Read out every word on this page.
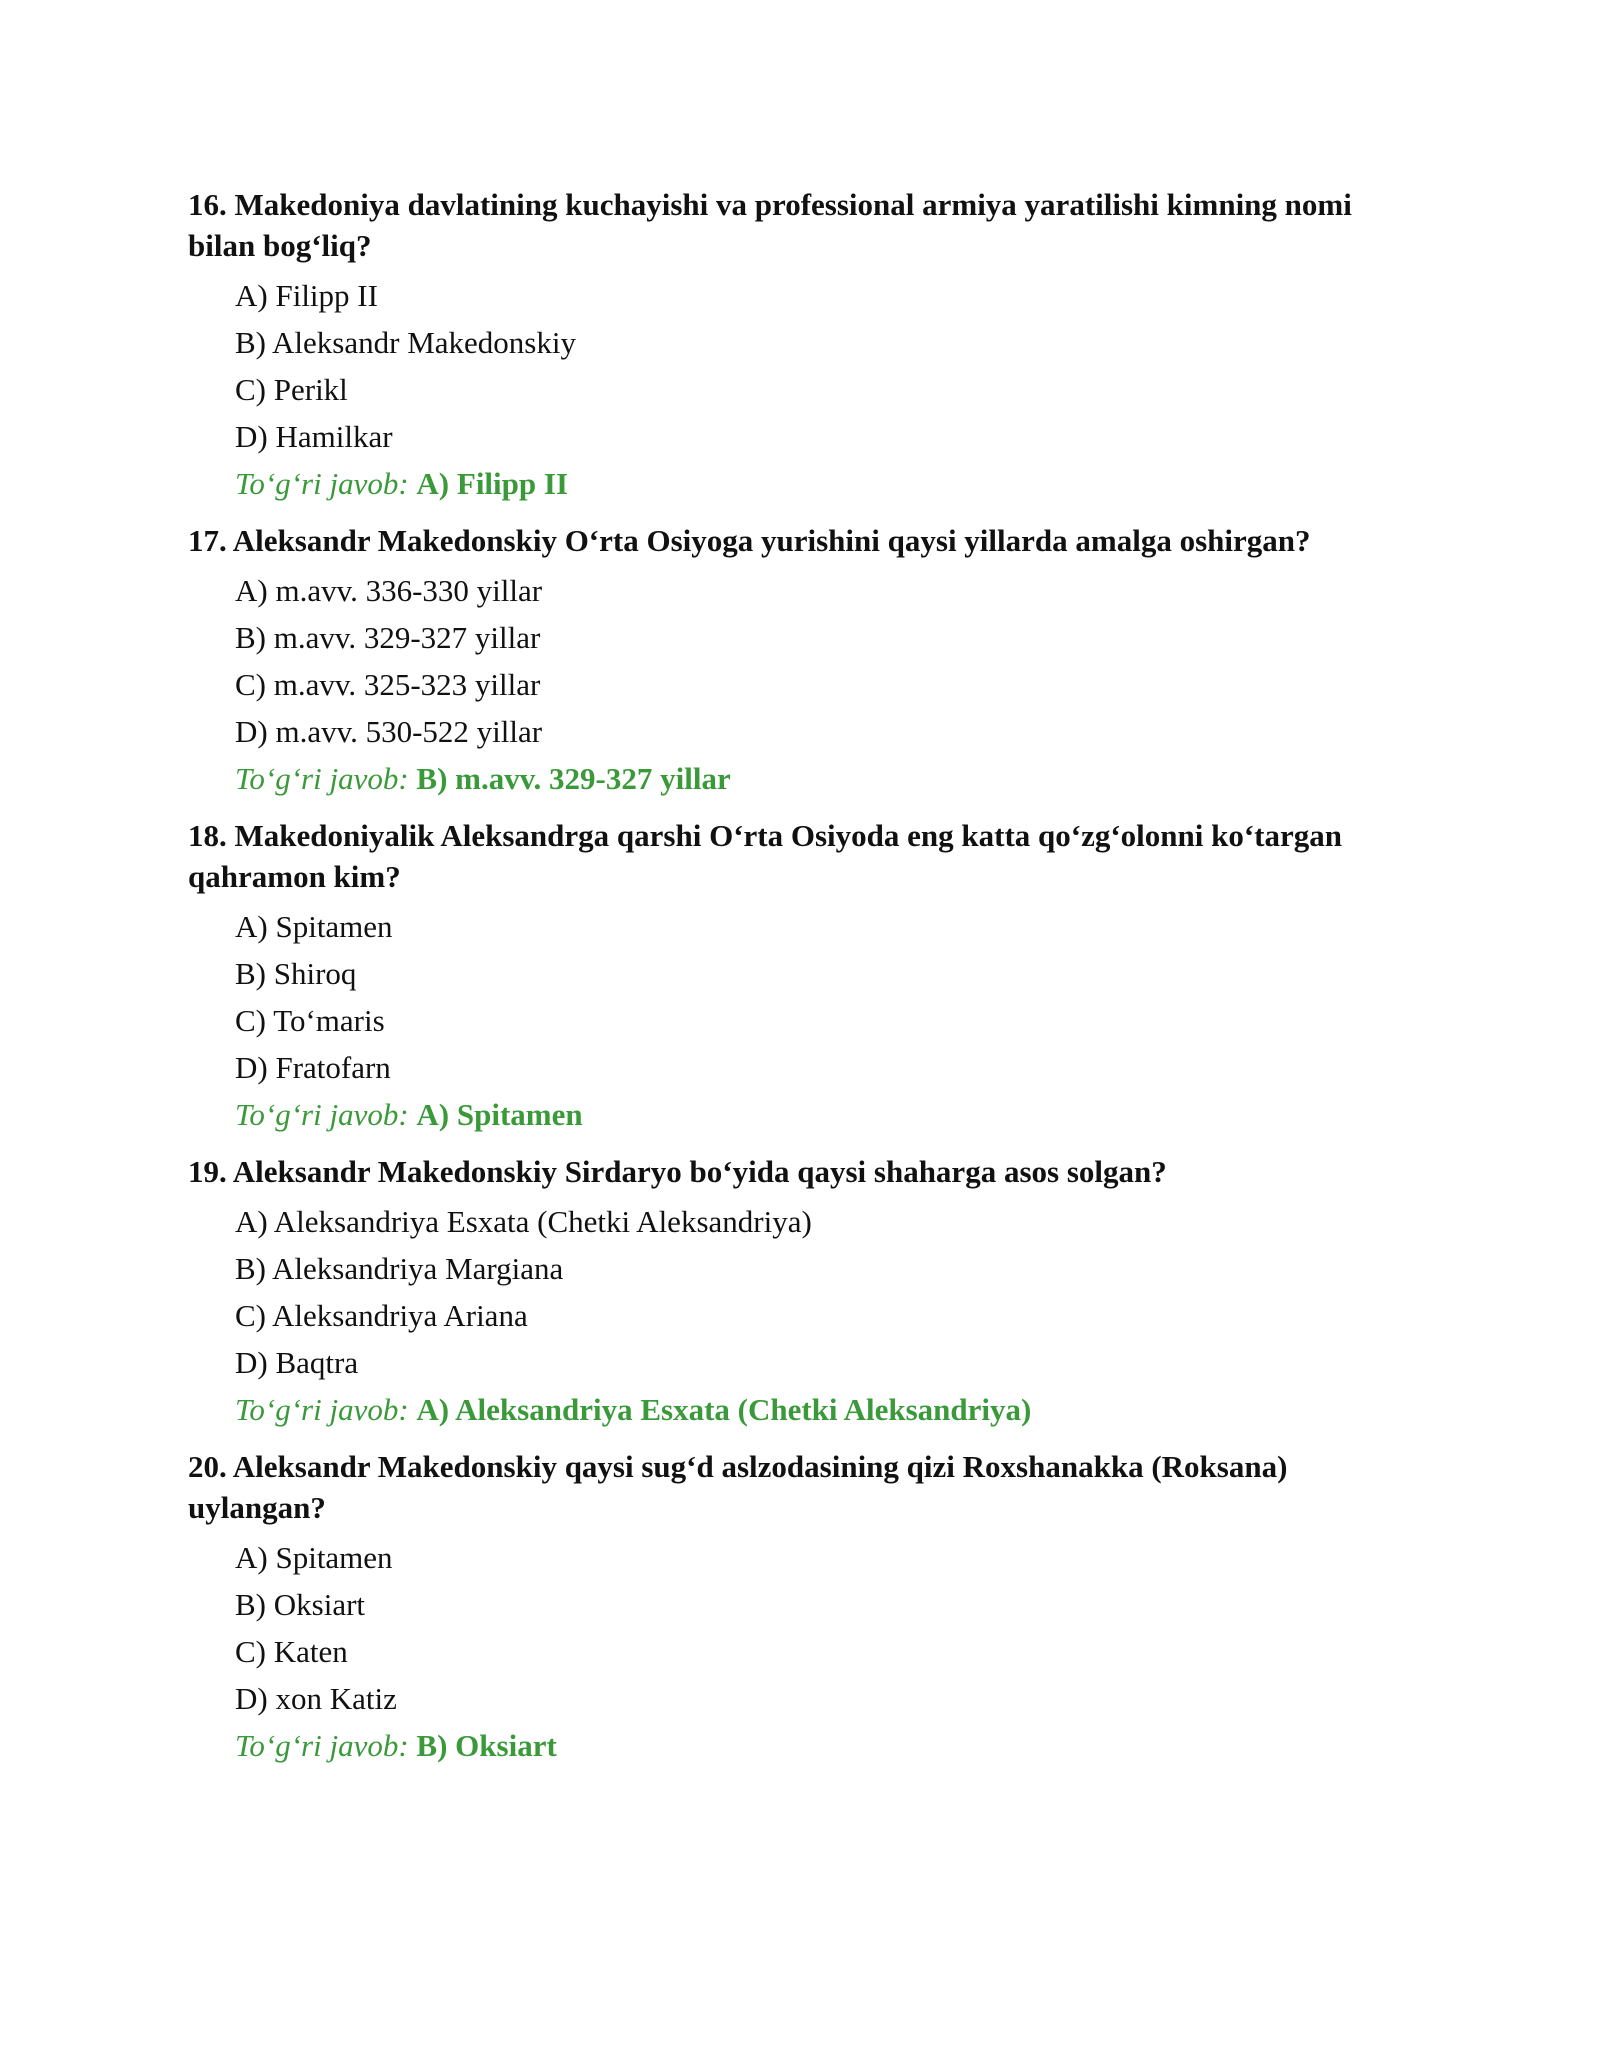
16. Makedoniya davlatining kuchayishi va professional armiya yaratilishi kimning nomi bilan bog‘liq?

A) Filipp II
B) Aleksandr Makedonskiy
C) Perikl
D) Hamilkar
To‘g‘ri javob: A) Filipp II

17. Aleksandr Makedonskiy O‘rta Osiyoga yurishini qaysi yillarda amalga oshirgan?

A) m.avv. 336-330 yillar
B) m.avv. 329-327 yillar
C) m.avv. 325-323 yillar
D) m.avv. 530-522 yillar
To‘g‘ri javob: B) m.avv. 329-327 yillar

18. Makedoniyalik Aleksandrga qarshi O‘rta Osiyoda eng katta qo‘zg‘olonni ko‘targan qahramon kim?

A) Spitamen
B) Shiroq
C) To‘maris
D) Fratofarn
To‘g‘ri javob: A) Spitamen

19. Aleksandr Makedonskiy Sirdaryo bo‘yida qaysi shaharga asos solgan?

A) Aleksandriya Esxata (Chetki Aleksandriya)
B) Aleksandriya Margiana
C) Aleksandriya Ariana
D) Baqtra
To‘g‘ri javob: A) Aleksandriya Esxata (Chetki Aleksandriya)

20. Aleksandr Makedonskiy qaysi sug‘d aslzodasining qizi Roxshanakka (Roksana) uylangan?

A) Spitamen
B) Oksiart
C) Katen
D) xon Katiz
To‘g‘ri javob: B) Oksiart
